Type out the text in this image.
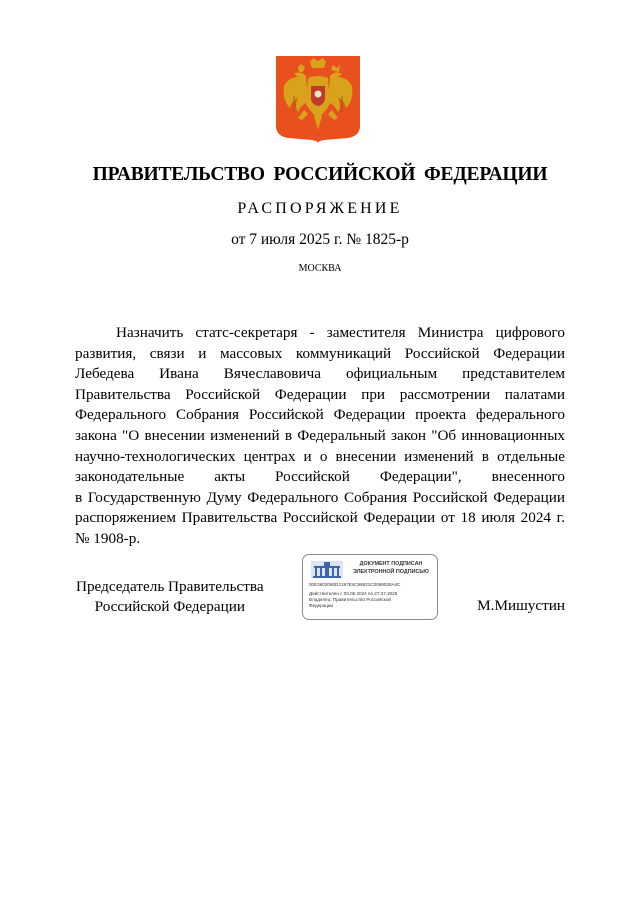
ПРАВИТЕЛЬСТВО РОССИЙСКОЙ ФЕДЕРАЦИИ
РАСПОРЯЖЕНИЕ
от 7 июля 2025 г. № 1825-р
МОСКВА
Назначить статс-секретаря - заместителя Министра цифрового
развития, связи и массовых коммуникаций Российской Федерации
Лебедева Ивана Вячеславовича официальным представителем
Правительства Российской Федерации при рассмотрении палатами
Федерального Собрания Российской Федерации проекта федерального
закона "О внесении изменений в Федеральный закон "Об инновационных
научно-технологических центрах и о внесении изменений в отдельные
законодательные акты Российской Федерации", внесенного
в Государственную Думу Федерального Собрания Российской Федерации
распоряжением Правительства Российской Федерации от 18 июля 2024 г.
№ 1908-р.
Председатель Правительства
Российской Федерации
ДОКУМЕНТ ПОДПИСАН
ЭЛЕКТРОННОЙ ПОДПИСЬЮ
00E3602060D2197E4C98921C0069028A4C
Действителен с 03.05.2024 по 27.07.2025
Владелец: Правительство Российской
Федерации	М.Мишустин
